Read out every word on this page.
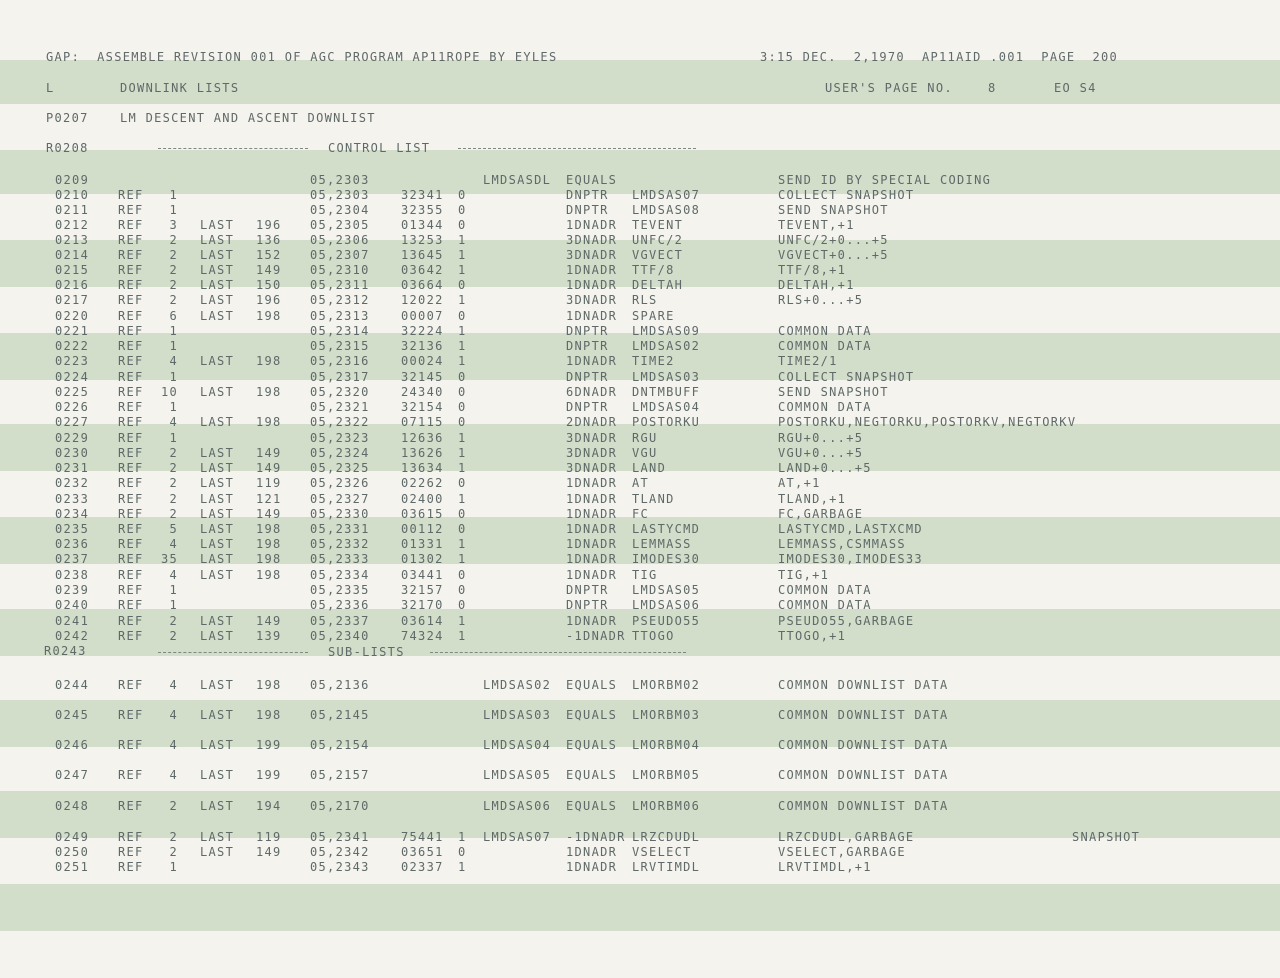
GAP:  ASSEMBLE REVISION 001 OF AGC PROGRAM AP11ROPE BY EYLES	3:15 DEC.  2,1970  AP11AID .001  PAGE  200
L	DOWNLINK LISTS	USER'S PAGE NO.	8	EO S4
P0207	LM DESCENT AND ASCENT DOWNLIST
R0208	CONTROL LIST
R0243	SUB-LISTS
0209	05,2303	LMDSASDL EQUALS	SEND ID BY SPECIAL CODING
0210 REF	1	05,2303	32341 0	DNPTR LMDSAS07	COLLECT SNAPSHOT
0211 REF	1	05,2304	32355 0	DNPTR LMDSAS08	SEND SNAPSHOT
0212 REF	3 LAST 196 05,2305	01344 0	1DNADR TEVENT	TEVENT,+1
0213 REF	2 LAST 136 05,2306	13253 1	3DNADR UNFC/2	UNFC/2+0...+5
0214 REF	2 LAST 152 05,2307	13645 1	3DNADR VGVECT	VGVECT+0...+5
0215 REF	2 LAST 149 05,2310	03642 1	1DNADR TTF/8	TTF/8,+1
0216 REF	2 LAST 150 05,2311	03664 0	1DNADR DELTAH	DELTAH,+1
0217 REF	2 LAST 196 05,2312	12022 1	3DNADR RLS	RLS+0...+5
0220 REF	6 LAST 198 05,2313	00007 0	1DNADR SPARE
0221 REF	1	05,2314	32224 1	DNPTR LMDSAS09	COMMON DATA
0222 REF	1	05,2315	32136 1	DNPTR LMDSAS02	COMMON DATA
0223 REF	4 LAST 198 05,2316	00024 1	1DNADR TIME2	TIME2/1
0224 REF	1	05,2317	32145 0	DNPTR LMDSAS03	COLLECT SNAPSHOT
0225 REF	10 LAST 198 05,2320	24340 0	6DNADR DNTMBUFF	SEND SNAPSHOT
0226 REF	1	05,2321	32154 0	DNPTR LMDSAS04	COMMON DATA
0227 REF	4 LAST 198 05,2322	07115 0	2DNADR POSTORKU	POSTORKU,NEGTORKU,POSTORKV,NEGTORKV
0229 REF	1	05,2323	12636 1	3DNADR RGU	RGU+0...+5
0230 REF	2 LAST 149 05,2324	13626 1	3DNADR VGU	VGU+0...+5
0231 REF	2 LAST 149 05,2325	13634 1	3DNADR LAND	LAND+0...+5
0232 REF	2 LAST 119 05,2326	02262 0	1DNADR AT	AT,+1
0233 REF	2 LAST 121 05,2327	02400 1	1DNADR TLAND	TLAND,+1
0234 REF	2 LAST 149 05,2330	03615 0	1DNADR FC	FC,GARBAGE
0235 REF	5 LAST 198 05,2331	00112 0	1DNADR LASTYCMD	LASTYCMD,LASTXCMD
0236 REF	4 LAST 198 05,2332	01331 1	1DNADR LEMMASS	LEMMASS,CSMMASS
0237 REF	35 LAST 198 05,2333	01302 1	1DNADR IMODES30	IMODES30,IMODES33
0238 REF	4 LAST 198 05,2334	03441 0	1DNADR TIG	TIG,+1
0239 REF	1	05,2335	32157 0	DNPTR LMDSAS05	COMMON DATA
0240 REF	1	05,2336	32170 0	DNPTR LMDSAS06	COMMON DATA
0241 REF	2 LAST 149 05,2337	03614 1	1DNADR PSEUDO55	PSEUDO55,GARBAGE
0242 REF	2 LAST 139 05,2340	74324 1	-1DNADR TTOGO	TTOGO,+1
0244 REF	4 LAST 198 05,2136	LMDSAS02 EQUALS LMORBM02	COMMON DOWNLIST DATA
0245 REF	4 LAST 198 05,2145	LMDSAS03 EQUALS LMORBM03	COMMON DOWNLIST DATA
0246 REF	4 LAST 199 05,2154	LMDSAS04 EQUALS LMORBM04	COMMON DOWNLIST DATA
0247 REF	4 LAST 199 05,2157	LMDSAS05 EQUALS LMORBM05	COMMON DOWNLIST DATA
0248 REF	2 LAST 194 05,2170	LMDSAS06 EQUALS LMORBM06	COMMON DOWNLIST DATA
0249 REF	2 LAST 119 05,2341	75441 1 LMDSAS07 -1DNADR LRZCDUDL	LRZCDUDL,GARBAGE	SNAPSHOT
0250 REF	2 LAST 149 05,2342	03651 0	1DNADR VSELECT	VSELECT,GARBAGE
0251 REF	1	05,2343	02337 1	1DNADR LRVTIMDL	LRVTIMDL,+1
